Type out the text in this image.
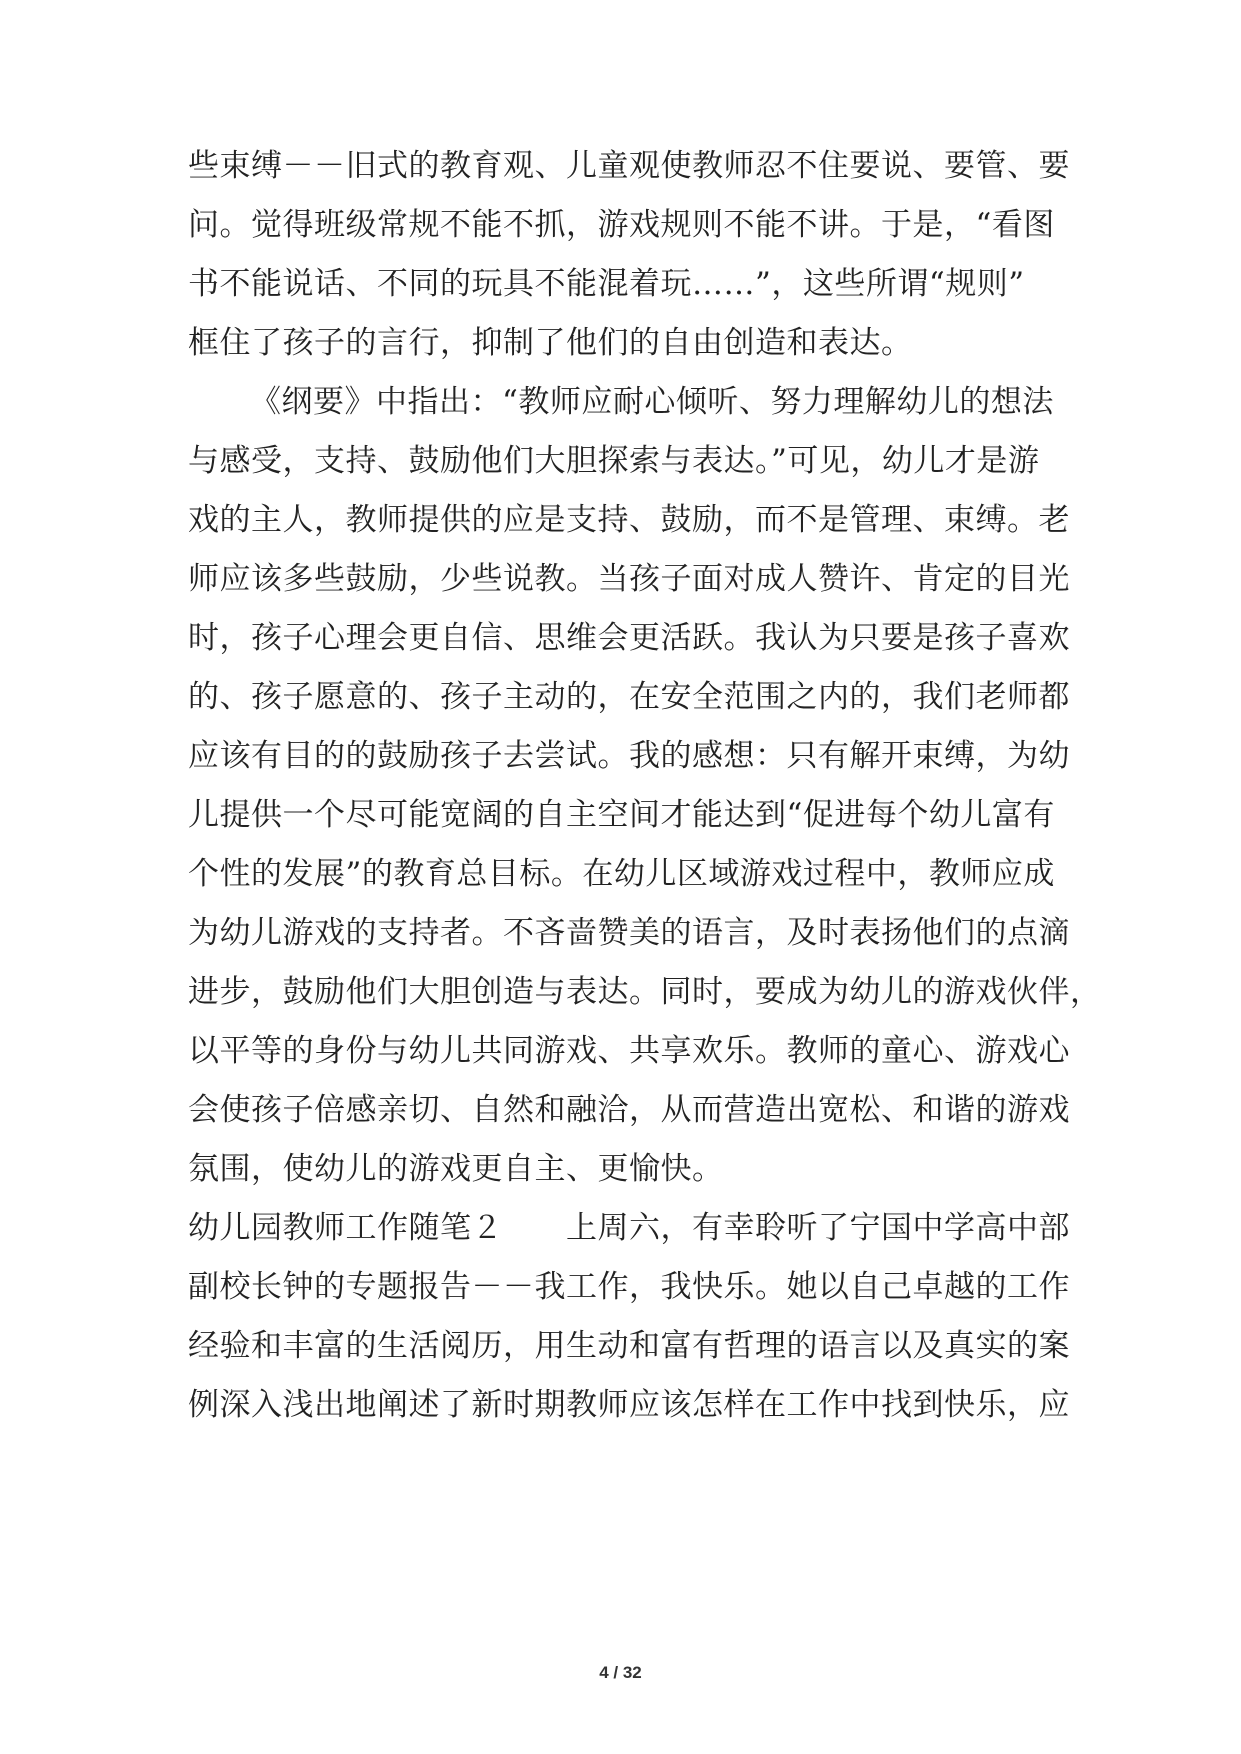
些束缚－－旧式的教育观、儿童观使教师忍不住要说、要管、要
问。觉得班级常规不能不抓，游戏规则不能不讲。于是，“看图
书不能说话、不同的玩具不能混着玩……”，这些所谓“规则”
框住了孩子的言行，抑制了他们的自由创造和表达。
《纲要》中指出：“教师应耐心倾听、努力理解幼儿的想法
与感受，支持、鼓励他们大胆探索与表达。”可见，幼儿才是游
戏的主人，教师提供的应是支持、鼓励，而不是管理、束缚。老
师应该多些鼓励，少些说教。当孩子面对成人赞许、肯定的目光
时，孩子心理会更自信、思维会更活跃。我认为只要是孩子喜欢
的、孩子愿意的、孩子主动的，在安全范围之内的，我们老师都
应该有目的的鼓励孩子去尝试。我的感想：只有解开束缚，为幼
儿提供一个尽可能宽阔的自主空间才能达到“促进每个幼儿富有
个性的发展”的教育总目标。在幼儿区域游戏过程中，教师应成
为幼儿游戏的支持者。不吝啬赞美的语言，及时表扬他们的点滴
进步，鼓励他们大胆创造与表达。同时，要成为幼儿的游戏伙伴，
以平等的身份与幼儿共同游戏、共享欢乐。教师的童心、游戏心
会使孩子倍感亲切、自然和融洽，从而营造出宽松、和谐的游戏
氛围，使幼儿的游戏更自主、更愉快。
幼儿园教师工作随笔２　　上周六，有幸聆听了宁国中学高中部
副校长钟的专题报告－－我工作，我快乐。她以自己卓越的工作
经验和丰富的生活阅历，用生动和富有哲理的语言以及真实的案
例深入浅出地阐述了新时期教师应该怎样在工作中找到快乐，应
4 / 32
